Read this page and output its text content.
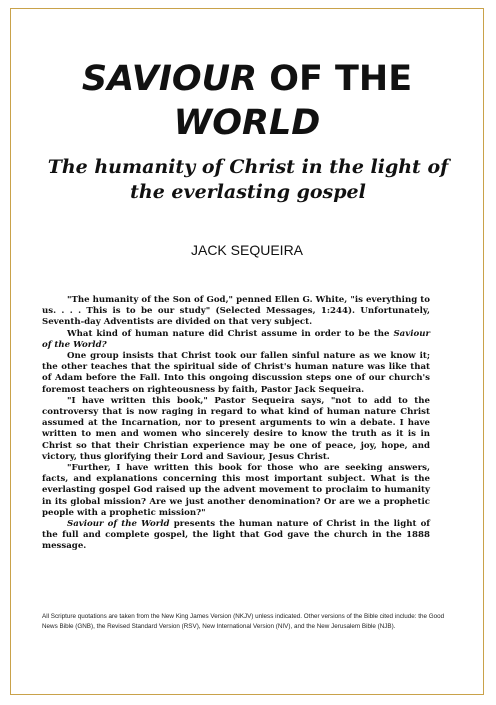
SAVIOUR OF THE
WORLD
The humanity of Christ in the light of the everlasting gospel
JACK SEQUEIRA

"The humanity of the Son of God," penned Ellen G. White, "is everything to us. . . . This is to be our study" (Selected Messages, 1:244). Unfortunately, Seventh-day Adventists are divided on that very subject.

What kind of human nature did Christ assume in order to be the Saviour of the World?

One group insists that Christ took our fallen sinful nature as we know it; the other teaches that the spiritual side of Christ's human nature was like that of Adam before the Fall. Into this ongoing discussion steps one of our church's foremost teachers on righteousness by faith, Pastor Jack Sequeira.

"I have written this book," Pastor Sequeira says, "not to add to the controversy that is now raging in regard to what kind of human nature Christ assumed at the Incarnation, nor to present arguments to win a debate. I have written to men and women who sincerely desire to know the truth as it is in Christ so that their Christian experience may be one of peace, joy, hope, and victory, thus glorifying their Lord and Saviour, Jesus Christ.

"Further, I have written this book for those who are seeking answers, facts, and explanations concerning this most important subject. What is the everlasting gospel God raised up the advent movement to proclaim to humanity in its global mission? Are we just another denomination? Or are we a prophetic people with a prophetic mission?"

Saviour of the World presents the human nature of Christ in the light of the full and complete gospel, the light that God gave the church in the 1888 message.

All Scripture quotations are taken from the New King James Version (NKJV) unless indicated. Other versions of the Bible cited include: the Good News Bible (GNB), the Revised Standard Version (RSV), New International Version (NIV), and the New Jerusalem Bible (NJB).
